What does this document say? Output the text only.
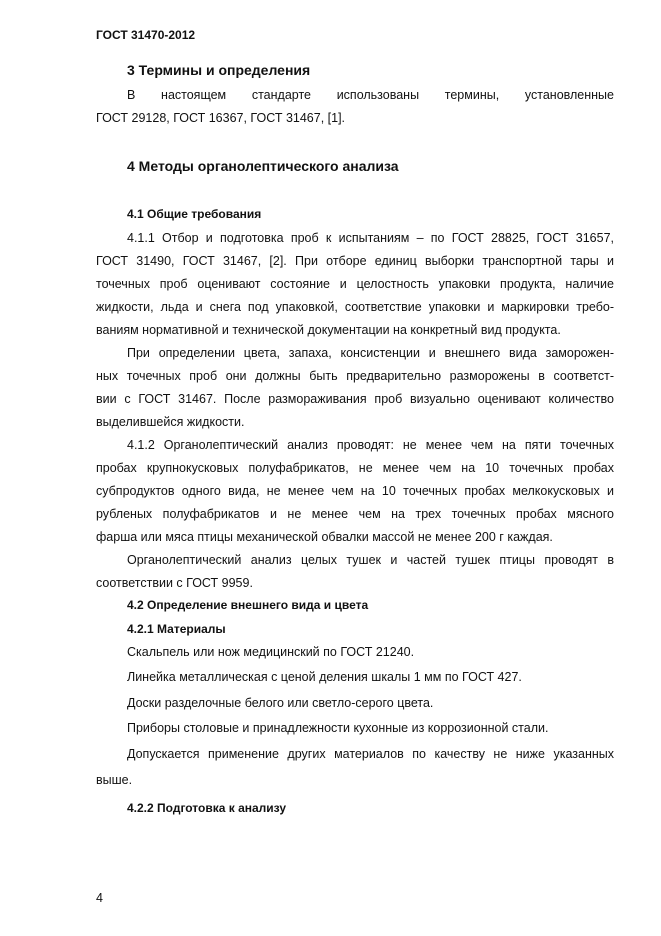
ГОСТ 31470-2012
3 Термины и определения
В настоящем стандарте использованы термины, установленные
ГОСТ 29128, ГОСТ 16367, ГОСТ 31467, [1].
4 Методы органолептического анализа
4.1 Общие требования
4.1.1 Отбор и подготовка проб к испытаниям – по ГОСТ 28825, ГОСТ 31657,
ГОСТ 31490, ГОСТ 31467, [2]. При отборе единиц выборки транспортной тары и
точечных проб оценивают состояние и целостность упаковки продукта, наличие
жидкости, льда и снега под упаковкой, соответствие упаковки и маркировки требо-
ваниям нормативной и технической документации на конкретный вид продукта.
При определении цвета, запаха, консистенции и внешнего вида заморожен-
ных точечных проб они должны быть предварительно разморожены в соответст-
вии с ГОСТ 31467. После размораживания проб визуально оценивают количество
выделившейся жидкости.
4.1.2 Органолептический анализ проводят: не менее чем на пяти точечных
пробах крупнокусковых полуфабрикатов, не менее чем на 10 точечных пробах
субпродуктов одного вида, не менее чем на 10 точечных пробах мелкокусковых и
рубленых полуфабрикатов и не менее чем на трех точечных пробах мясного
фарша или мяса птицы механической обвалки массой не менее 200 г каждая.
Органолептический анализ целых тушек и частей тушек птицы проводят в
соответствии с ГОСТ 9959.
4.2 Определение внешнего вида и цвета
4.2.1 Материалы
Скальпель или нож медицинский по ГОСТ 21240.
Линейка металлическая с ценой деления шкалы 1 мм по ГОСТ 427.
Доски разделочные белого или светло-серого цвета.
Приборы столовые и принадлежности кухонные из коррозионной стали.
Допускается применение других материалов по качеству не ниже указанных
выше.
4.2.2 Подготовка к анализу
4
